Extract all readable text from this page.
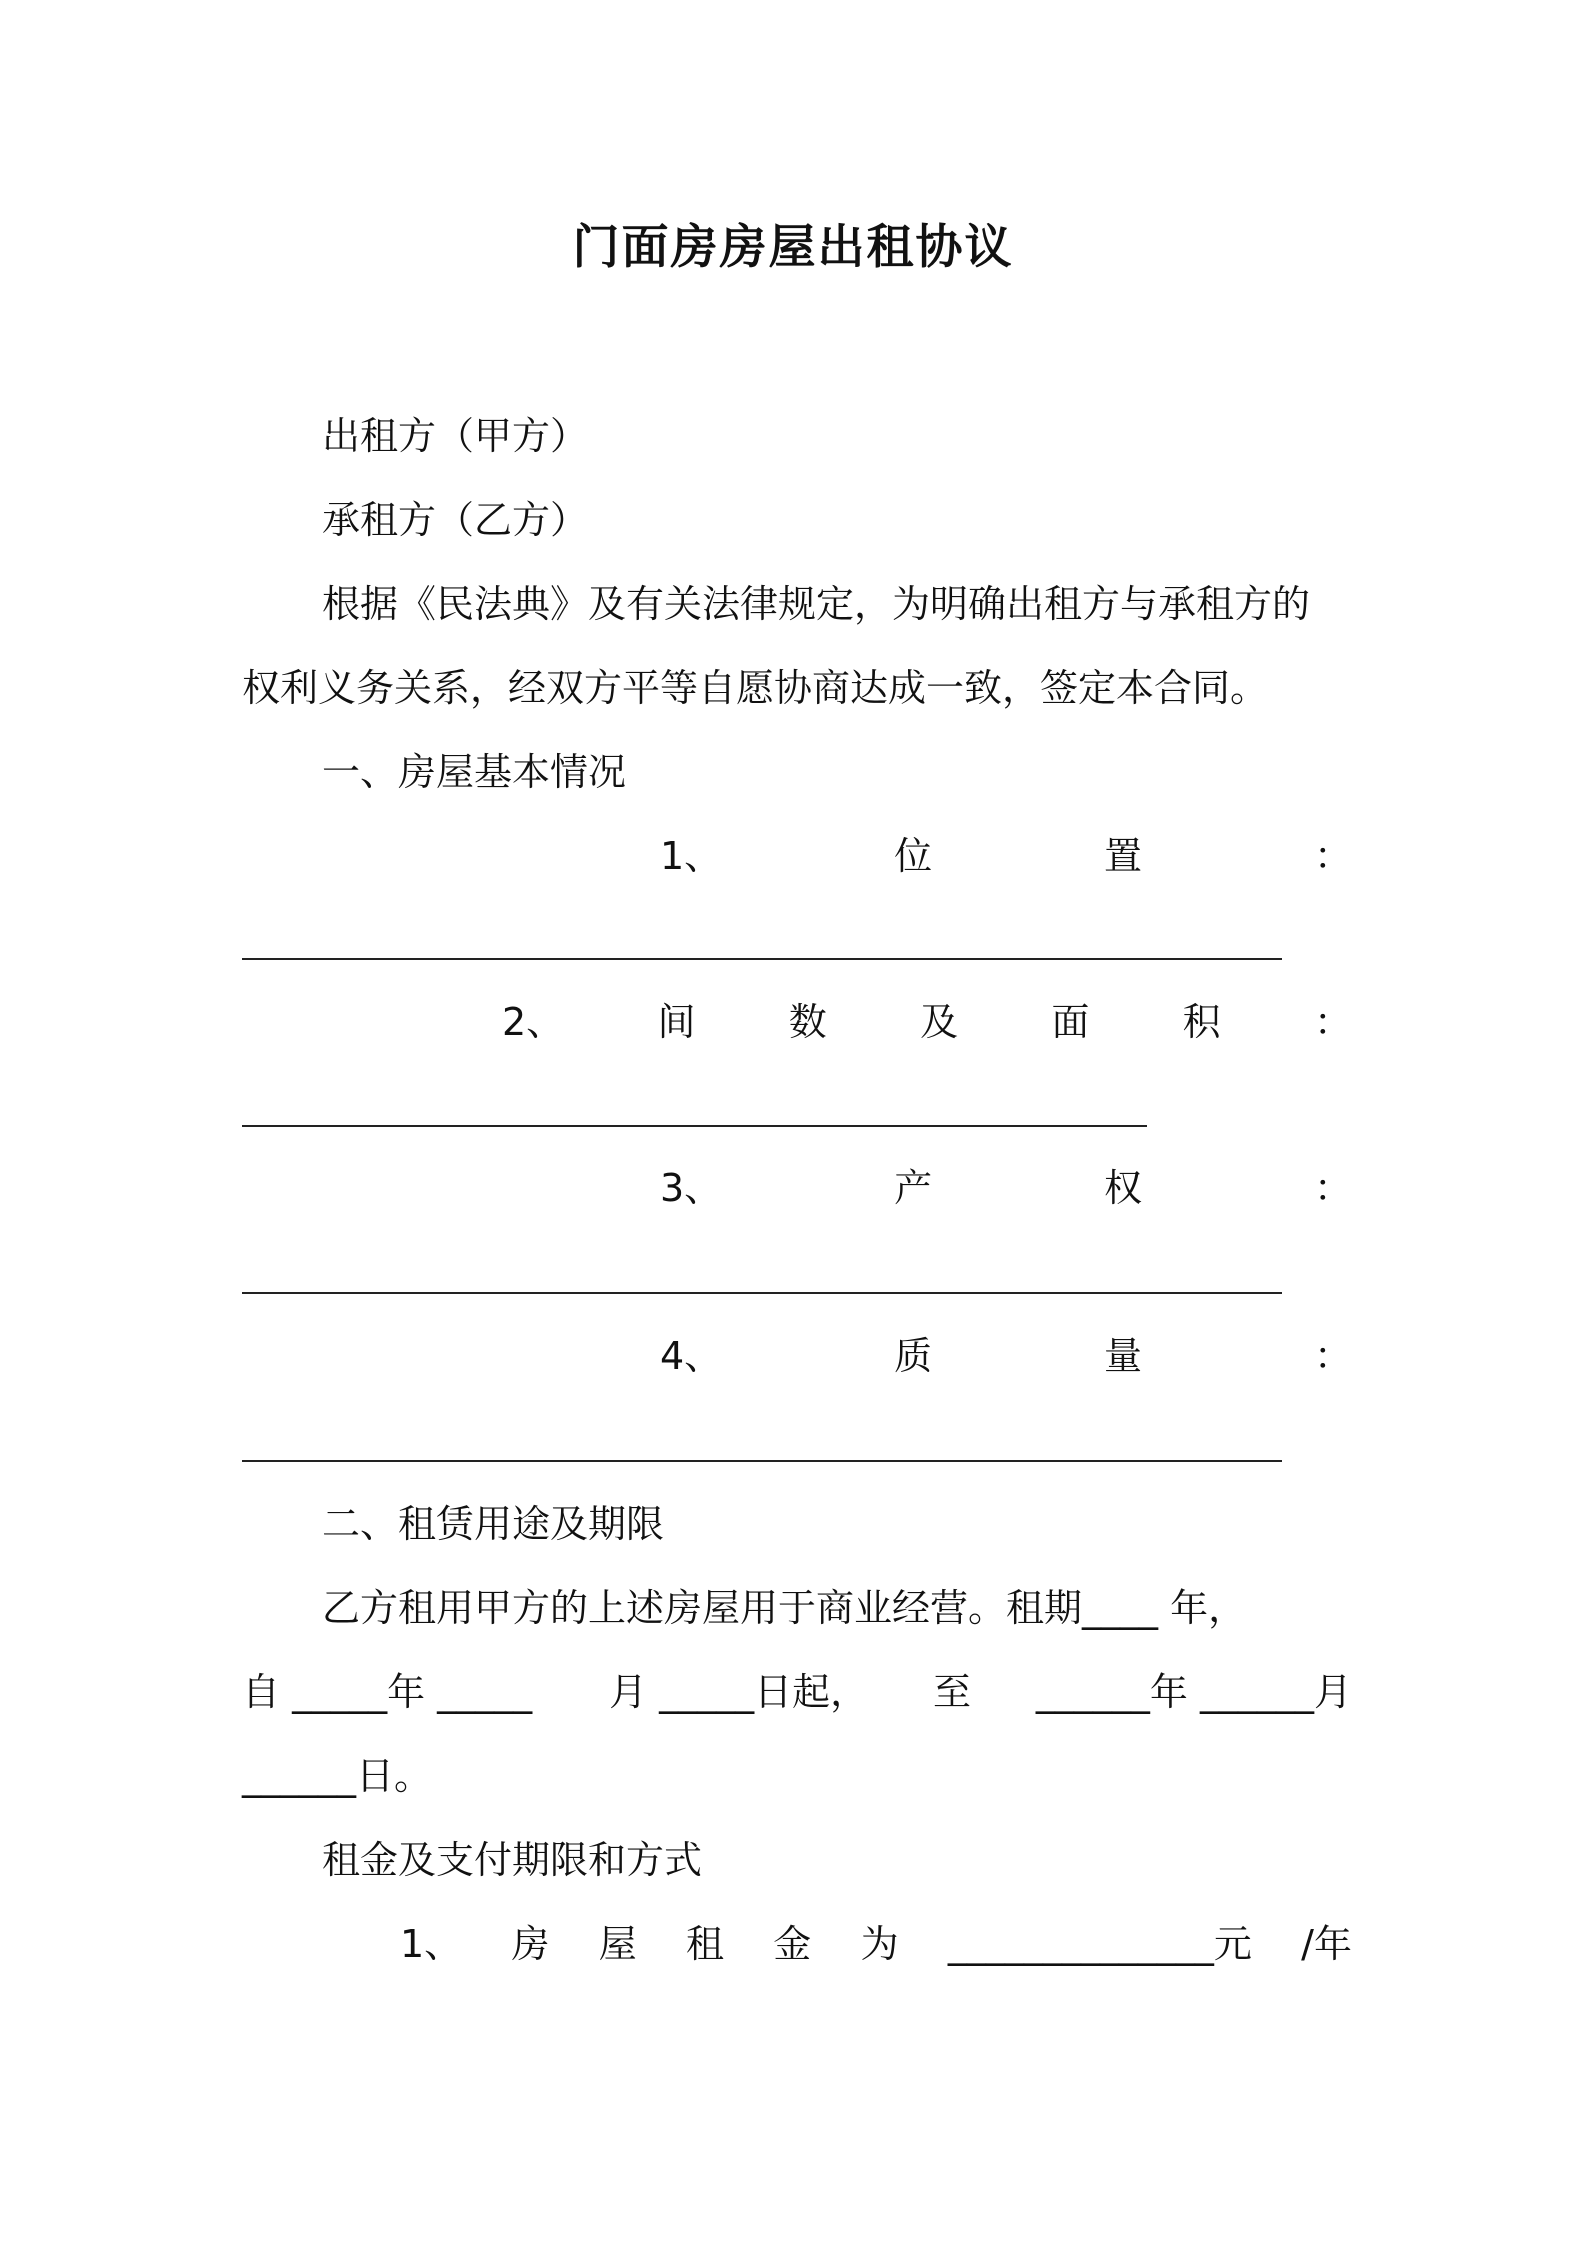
门面房房屋出租协议
出租方（甲方）
承租方（乙方）
根据《民法典》及有关法律规定，为明确出租方与承租方的
权利义务关系，经双方平等自愿协商达成一致，签定本合同。
一、房屋基本情况
1、	位	置	：
2、 间 数 及 面 积 ：
3、	产	权	：
4、	质	量	：
二、租赁用途及期限
乙方租用甲方的上述房屋用于商业经营。租期____ 年，
自 _____年 _____ 月 _____日起， 至 ______年 ______月
______日。
租金及支付期限和方式
1、 房 屋 租 金 为 ______________元 /年
